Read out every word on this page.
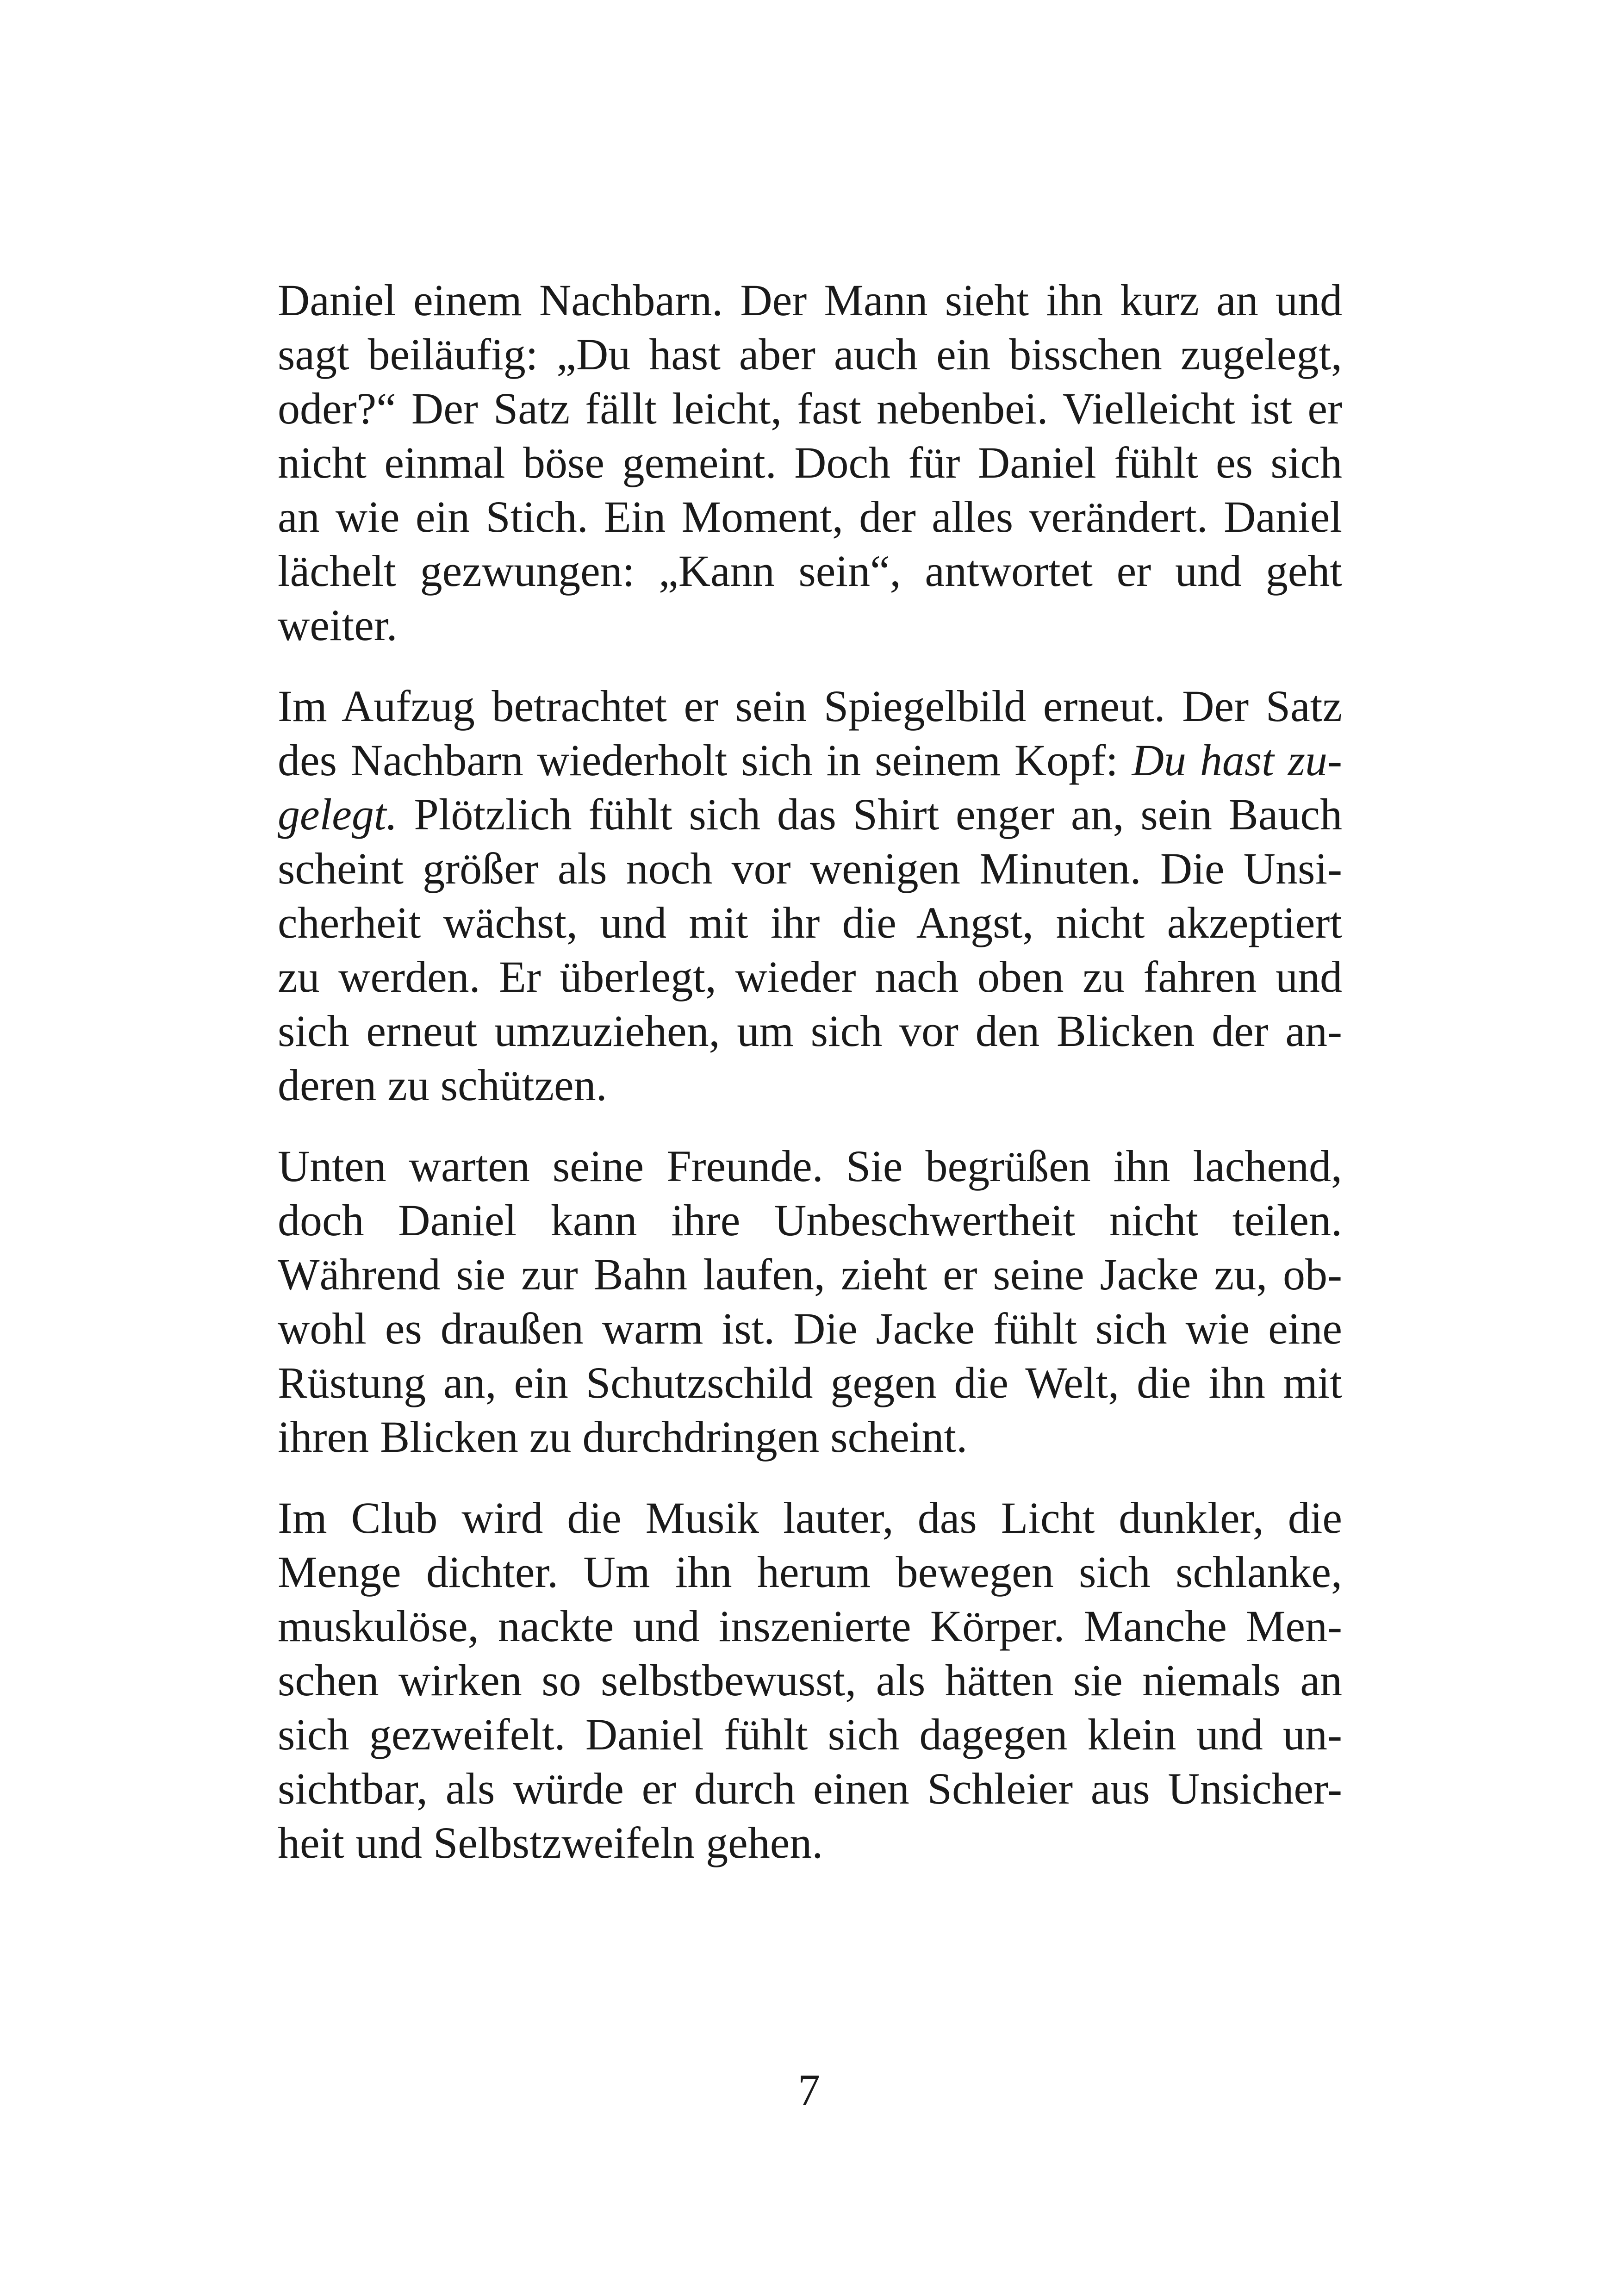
Daniel einem Nachbarn. Der Mann sieht ihn kurz an und
sagt beiläufig: „Du hast aber auch ein bisschen zugelegt,
oder?“ Der Satz fällt leicht, fast nebenbei. Vielleicht ist er
nicht einmal böse gemeint. Doch für Daniel fühlt es sich
an wie ein Stich. Ein Moment, der alles verändert. Daniel
lächelt gezwungen: „Kann sein“, antwortet er und geht
weiter.

Im Aufzug betrachtet er sein Spiegelbild erneut. Der Satz
des Nachbarn wiederholt sich in seinem Kopf: Du hast zu-
gelegt. Plötzlich fühlt sich das Shirt enger an, sein Bauch
scheint größer als noch vor wenigen Minuten. Die Unsi-
cherheit wächst, und mit ihr die Angst, nicht akzeptiert
zu werden. Er überlegt, wieder nach oben zu fahren und
sich erneut umzuziehen, um sich vor den Blicken der an-
deren zu schützen.

Unten warten seine Freunde. Sie begrüßen ihn lachend,
doch Daniel kann ihre Unbeschwertheit nicht teilen.
Während sie zur Bahn laufen, zieht er seine Jacke zu, ob-
wohl es draußen warm ist. Die Jacke fühlt sich wie eine
Rüstung an, ein Schutzschild gegen die Welt, die ihn mit
ihren Blicken zu durchdringen scheint.

Im Club wird die Musik lauter, das Licht dunkler, die
Menge dichter. Um ihn herum bewegen sich schlanke,
muskulöse, nackte und inszenierte Körper. Manche Men-
schen wirken so selbstbewusst, als hätten sie niemals an
sich gezweifelt. Daniel fühlt sich dagegen klein und un-
sichtbar, als würde er durch einen Schleier aus Unsicher-
heit und Selbstzweifeln gehen.

7
